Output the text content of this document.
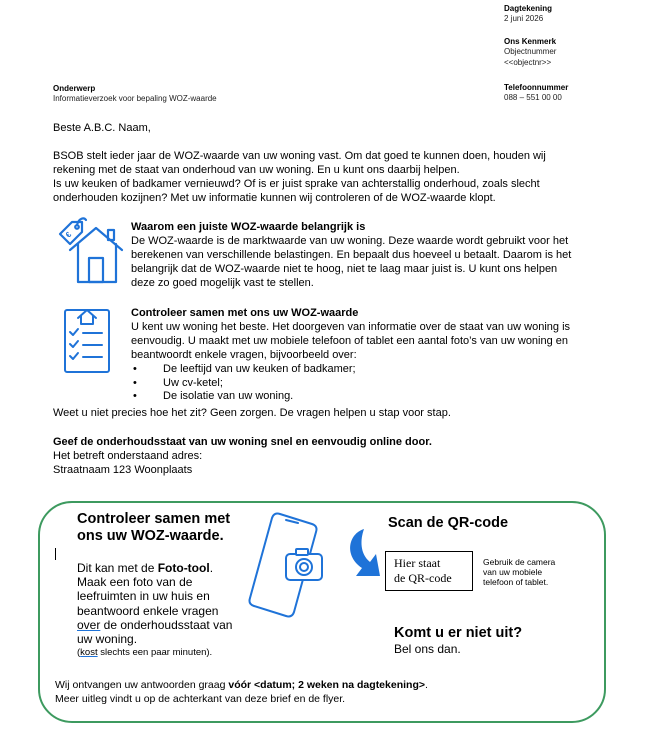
Dagtekening
2 juni 2026
Ons Kenmerk
Objectnummer
<<objectnr>>
Telefoonnummer
088 – 551 00 00
Onderwerp
Informatieverzoek voor bepaling WOZ-waarde
Beste A.B.C. Naam,
BSOB stelt ieder jaar de WOZ-waarde van uw woning vast. Om dat goed te kunnen doen, houden wij
rekening met de staat van onderhoud van uw woning. En u kunt ons daarbij helpen.
Is uw keuken of badkamer vernieuwd? Of is er juist sprake van achterstallig onderhoud, zoals slecht
onderhouden kozijnen? Met uw informatie kunnen wij controleren of de WOZ-waarde klopt.
€
Waarom een juiste WOZ-waarde belangrijk is
De WOZ-waarde is de marktwaarde van uw woning. Deze waarde wordt gebruikt voor het
berekenen van verschillende belastingen. En bepaalt dus hoeveel u betaalt. Daarom is het
belangrijk dat de WOZ-waarde niet te hoog, niet te laag maar juist is. U kunt ons helpen
deze zo goed mogelijk vast te stellen.
Controleer samen met ons uw WOZ-waarde
U kent uw woning het beste. Het doorgeven van informatie over de staat van uw woning is
eenvoudig. U maakt met uw mobiele telefoon of tablet een aantal foto’s van uw woning en
beantwoordt enkele vragen, bijvoorbeeld over:
• De leeftijd van uw keuken of badkamer;
• Uw cv-ketel;
• De isolatie van uw woning.
Weet u niet precies hoe het zit? Geen zorgen. De vragen helpen u stap voor stap.
Geef de onderhoudsstaat van uw woning snel en eenvoudig online door.
Het betreft onderstaand adres:
Straatnaam 123 Woonplaats
Controleer samen met
ons uw WOZ-waarde.
Dit kan met de Foto-tool.
Maak een foto van de
leefruimten in uw huis en
beantwoord enkele vragen
over de onderhoudsstaat van
uw woning.
(kost slechts een paar minuten).
Scan de QR-code
Hier staat
de QR-code
Gebruik de camera
van uw mobiele
telefoon of tablet.
Komt u er niet uit?
Bel ons dan.
Wij ontvangen uw antwoorden graag vóór <datum; 2 weken na dagtekening>.
Meer uitleg vindt u op de achterkant van deze brief en de flyer.
